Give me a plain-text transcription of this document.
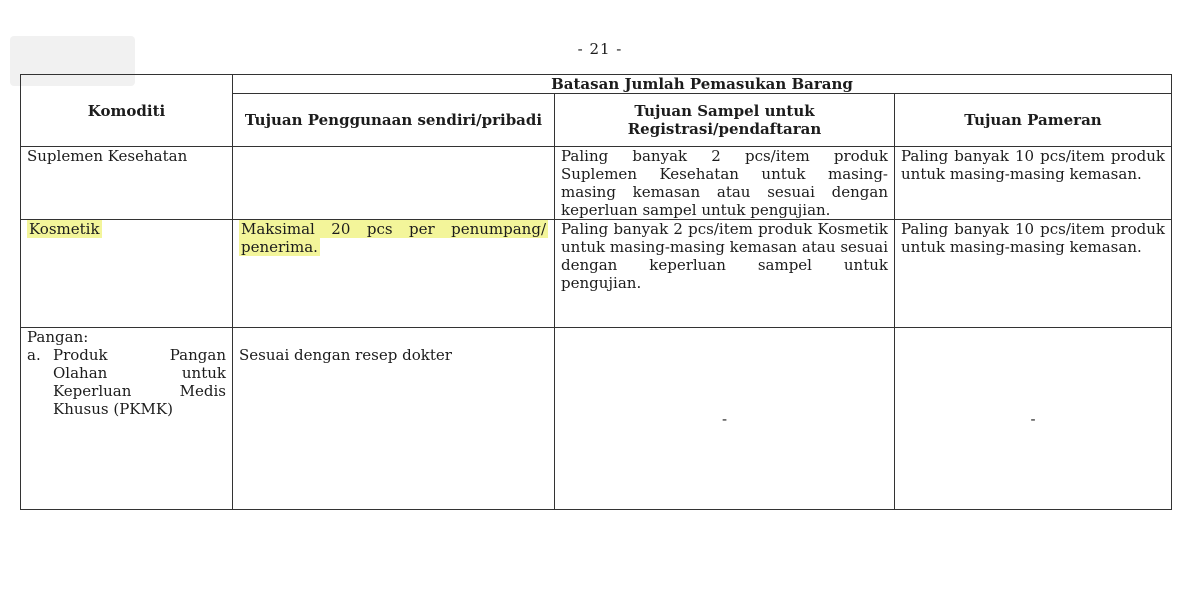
- 21 -
Komoditi	Batasan Jumlah Pemasukan Barang		
	Tujuan Penggunaan sendiri/pribadi	Tujuan Sampel untuk Registrasi/pendaftaran	Tujuan Pameran
Suplemen Kesehatan		Paling banyak 2 pcs/item produk Suplemen Kesehatan untuk masing-masing kemasan atau sesuai dengan keperluan sampel untuk pengujian.	Paling banyak 10 pcs/item produk untuk masing-masing kemasan.
Kosmetik	Maksimal 20 pcs per penumpang/ penerima.	Paling banyak 2 pcs/item produk Kosmetik untuk masing-masing kemasan atau sesuai dengan keperluan sampel untuk pengujian.	Paling banyak 10 pcs/item produk untuk masing-masing kemasan.

Pangan:
a. Produk Pangan Olahan untuk Keperluan Medis Khusus (PKMK)	Sesuai dengan resep dokter	-	-
